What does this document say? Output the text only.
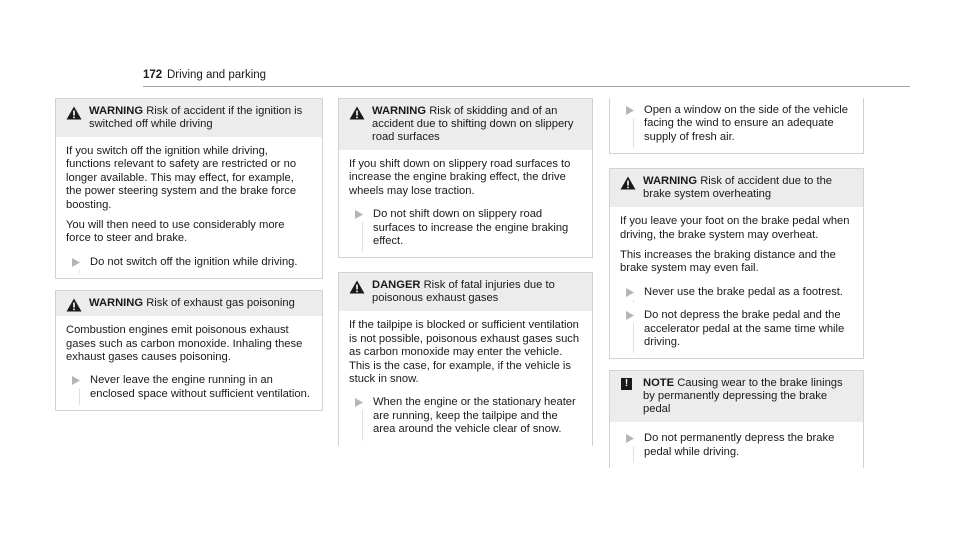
172 Driving and parking
WARNING Risk of accident if the ignition is switched off while driving

If you switch off the ignition while driving, functions relevant to safety are restricted or no longer available. This may effect, for example, the power steering system and the brake force boosting.

You will then need to use considerably more force to steer and brake.

Do not switch off the ignition while driving.
WARNING Risk of exhaust gas poisoning

Combustion engines emit poisonous exhaust gases such as carbon monoxide. Inhaling these exhaust gases causes poisoning.

Never leave the engine running in an enclosed space without sufficient ventilation.
WARNING Risk of skidding and of an accident due to shifting down on slippery road surfaces

If you shift down on slippery road surfaces to increase the engine braking effect, the drive wheels may lose traction.

Do not shift down on slippery road surfaces to increase the engine braking effect.
DANGER Risk of fatal injuries due to poisonous exhaust gases

If the tailpipe is blocked or sufficient ventilation is not possible, poisonous exhaust gases such as carbon monoxide may enter the vehicle. This is the case, for example, if the vehicle is stuck in snow.

When the engine or the stationary heater are running, keep the tailpipe and the area around the vehicle clear of snow.
Open a window on the side of the vehicle facing the wind to ensure an adequate supply of fresh air.
WARNING Risk of accident due to the brake system overheating

If you leave your foot on the brake pedal when driving, the brake system may overheat.

This increases the braking distance and the brake system may even fail.

Never use the brake pedal as a footrest.
Do not depress the brake pedal and the accelerator pedal at the same time while driving.
!	NOTE Causing wear to the brake linings by permanently depressing the brake pedal
Do not permanently depress the brake pedal while driving.
